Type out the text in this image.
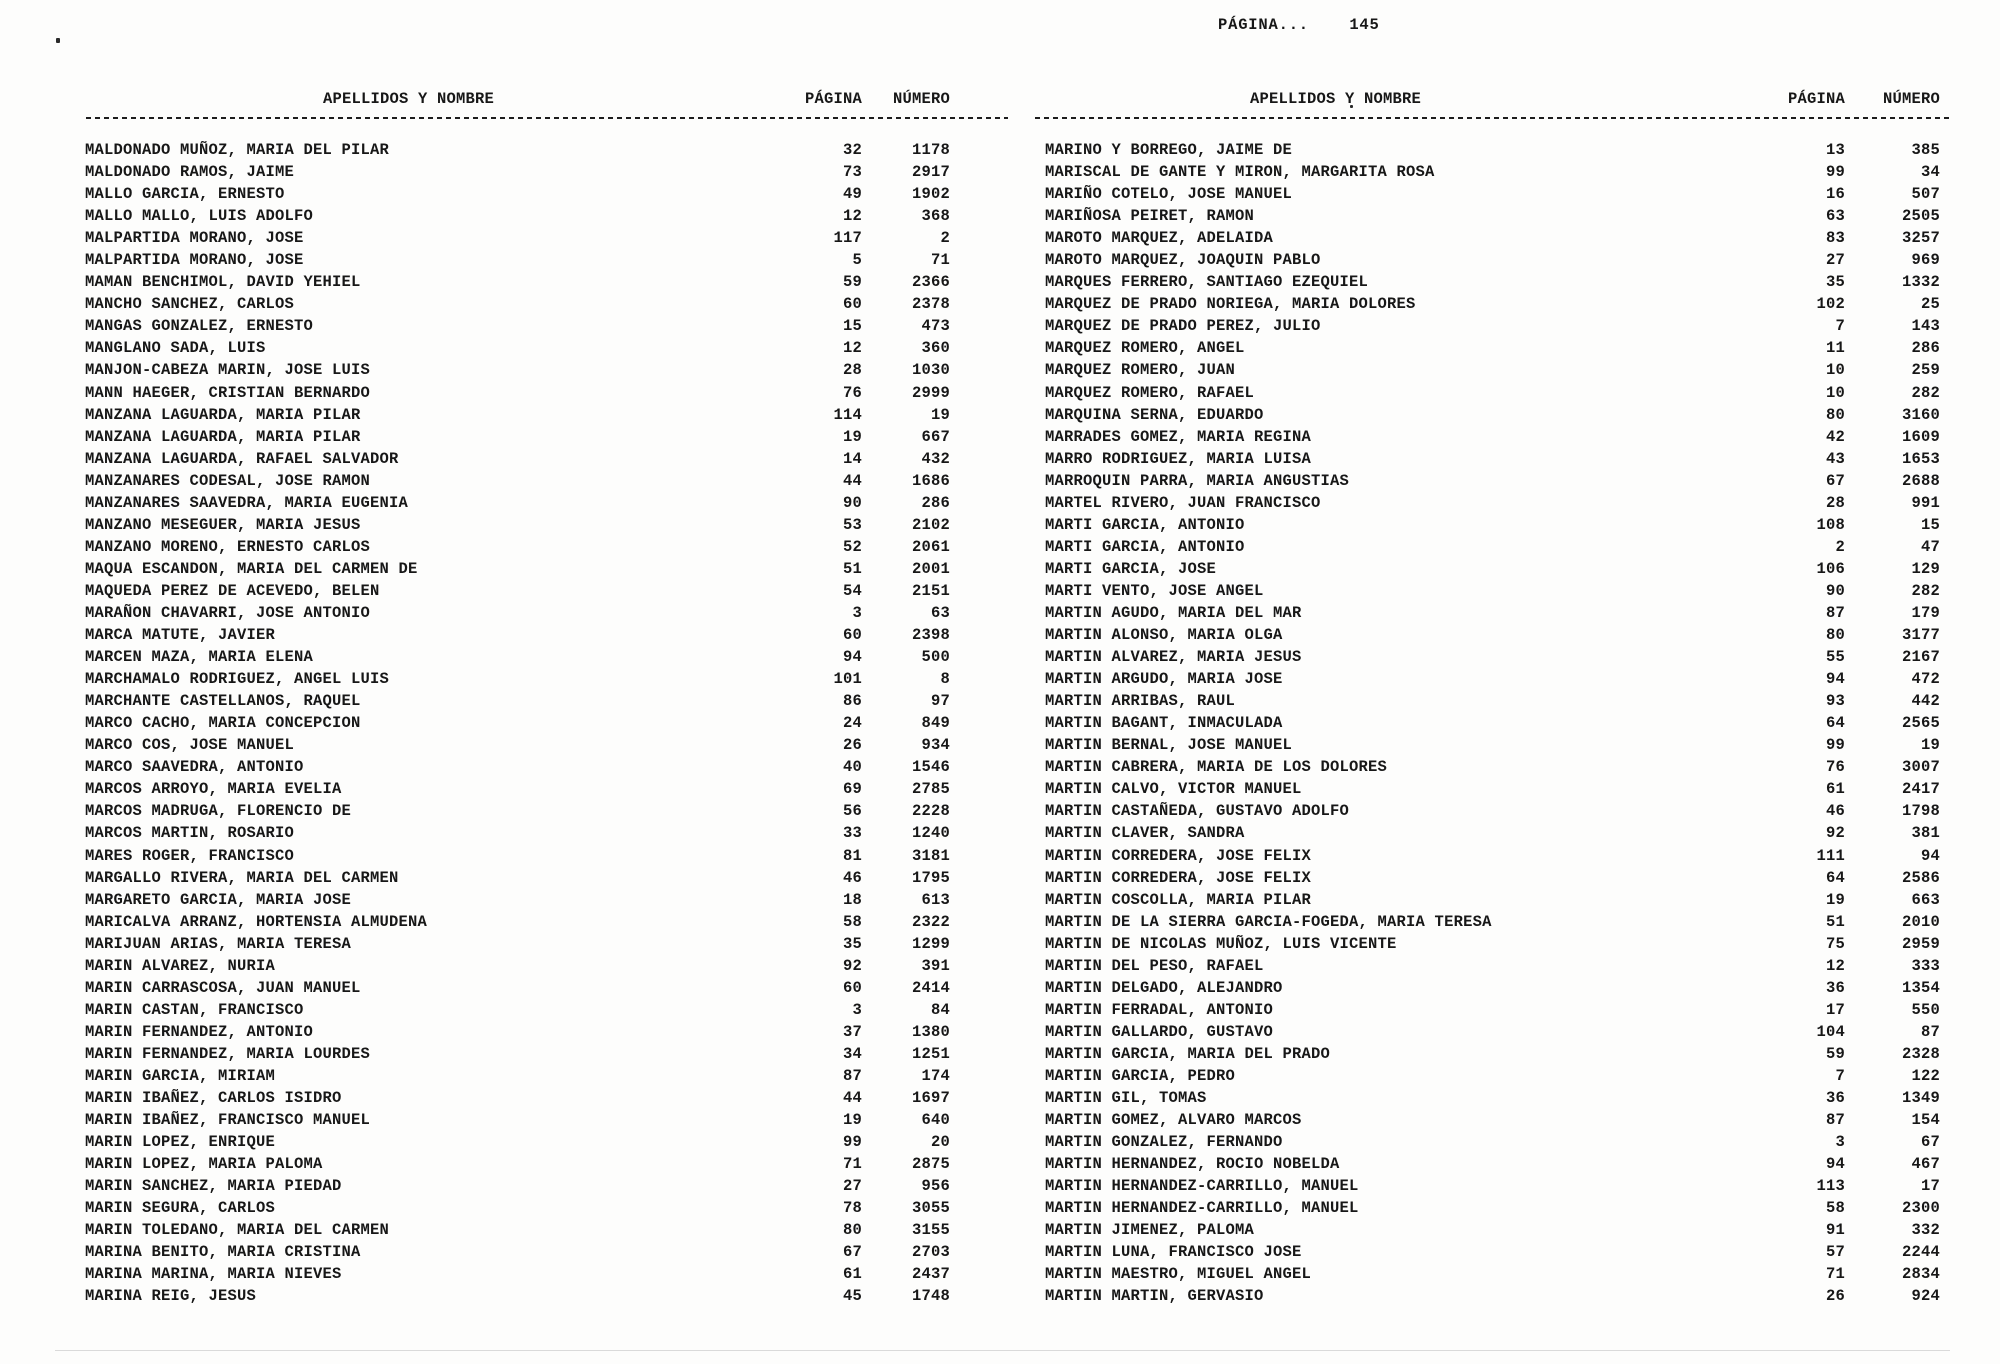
PÁGINA...    145
APELLIDOS Y NOMBRE	PÁGINA	NÚMERO	APELLIDOS Y NOMBRE	PÁGINA	NÚMERO
MALDONADO MUÑOZ, MARIA DEL PILAR	32	1178
MALDONADO RAMOS, JAIME	73	2917
MALLO GARCIA, ERNESTO	49	1902
MALLO MALLO, LUIS ADOLFO	12	368
MALPARTIDA MORANO, JOSE	117	2
MALPARTIDA MORANO, JOSE	5	71
MAMAN BENCHIMOL, DAVID YEHIEL	59	2366
MANCHO SANCHEZ, CARLOS	60	2378
MANGAS GONZALEZ, ERNESTO	15	473
MANGLANO SADA, LUIS	12	360
MANJON-CABEZA MARIN, JOSE LUIS	28	1030
MANN HAEGER, CRISTIAN BERNARDO	76	2999
MANZANA LAGUARDA, MARIA PILAR	114	19
MANZANA LAGUARDA, MARIA PILAR	19	667
MANZANA LAGUARDA, RAFAEL SALVADOR	14	432
MANZANARES CODESAL, JOSE RAMON	44	1686
MANZANARES SAAVEDRA, MARIA EUGENIA	90	286
MANZANO MESEGUER, MARIA JESUS	53	2102
MANZANO MORENO, ERNESTO CARLOS	52	2061
MAQUA ESCANDON, MARIA DEL CARMEN DE	51	2001
MAQUEDA PEREZ DE ACEVEDO, BELEN	54	2151
MARAÑON CHAVARRI, JOSE ANTONIO	3	63
MARCA MATUTE, JAVIER	60	2398
MARCEN MAZA, MARIA ELENA	94	500
MARCHAMALO RODRIGUEZ, ANGEL LUIS	101	8
MARCHANTE CASTELLANOS, RAQUEL	86	97
MARCO CACHO, MARIA CONCEPCION	24	849
MARCO COS, JOSE MANUEL	26	934
MARCO SAAVEDRA, ANTONIO	40	1546
MARCOS ARROYO, MARIA EVELIA	69	2785
MARCOS MADRUGA, FLORENCIO DE	56	2228
MARCOS MARTIN, ROSARIO	33	1240
MARES ROGER, FRANCISCO	81	3181
MARGALLO RIVERA, MARIA DEL CARMEN	46	1795
MARGARETO GARCIA, MARIA JOSE	18	613
MARICALVA ARRANZ, HORTENSIA ALMUDENA	58	2322
MARIJUAN ARIAS, MARIA TERESA	35	1299
MARIN ALVAREZ, NURIA	92	391
MARIN CARRASCOSA, JUAN MANUEL	60	2414
MARIN CASTAN, FRANCISCO	3	84
MARIN FERNANDEZ, ANTONIO	37	1380
MARIN FERNANDEZ, MARIA LOURDES	34	1251
MARIN GARCIA, MIRIAM	87	174
MARIN IBAÑEZ, CARLOS ISIDRO	44	1697
MARIN IBAÑEZ, FRANCISCO MANUEL	19	640
MARIN LOPEZ, ENRIQUE	99	20
MARIN LOPEZ, MARIA PALOMA	71	2875
MARIN SANCHEZ, MARIA PIEDAD	27	956
MARIN SEGURA, CARLOS	78	3055
MARIN TOLEDANO, MARIA DEL CARMEN	80	3155
MARINA BENITO, MARIA CRISTINA	67	2703
MARINA MARINA, MARIA NIEVES	61	2437
MARINA REIG, JESUS	45	1748
MARINO Y BORREGO, JAIME DE	13	385
MARISCAL DE GANTE Y MIRON, MARGARITA ROSA	99	34
MARIÑO COTELO, JOSE MANUEL	16	507
MARIÑOSA PEIRET, RAMON	63	2505
MAROTO MARQUEZ, ADELAIDA	83	3257
MAROTO MARQUEZ, JOAQUIN PABLO	27	969
MARQUES FERRERO, SANTIAGO EZEQUIEL	35	1332
MARQUEZ DE PRADO NORIEGA, MARIA DOLORES	102	25
MARQUEZ DE PRADO PEREZ, JULIO	7	143
MARQUEZ ROMERO, ANGEL	11	286
MARQUEZ ROMERO, JUAN	10	259
MARQUEZ ROMERO, RAFAEL	10	282
MARQUINA SERNA, EDUARDO	80	3160
MARRADES GOMEZ, MARIA REGINA	42	1609
MARRO RODRIGUEZ, MARIA LUISA	43	1653
MARROQUIN PARRA, MARIA ANGUSTIAS	67	2688
MARTEL RIVERO, JUAN FRANCISCO	28	991
MARTI GARCIA, ANTONIO	108	15
MARTI GARCIA, ANTONIO	2	47
MARTI GARCIA, JOSE	106	129
MARTI VENTO, JOSE ANGEL	90	282
MARTIN AGUDO, MARIA DEL MAR	87	179
MARTIN ALONSO, MARIA OLGA	80	3177
MARTIN ALVAREZ, MARIA JESUS	55	2167
MARTIN ARGUDO, MARIA JOSE	94	472
MARTIN ARRIBAS, RAUL	93	442
MARTIN BAGANT, INMACULADA	64	2565
MARTIN BERNAL, JOSE MANUEL	99	19
MARTIN CABRERA, MARIA DE LOS DOLORES	76	3007
MARTIN CALVO, VICTOR MANUEL	61	2417
MARTIN CASTAÑEDA, GUSTAVO ADOLFO	46	1798
MARTIN CLAVER, SANDRA	92	381
MARTIN CORREDERA, JOSE FELIX	111	94
MARTIN CORREDERA, JOSE FELIX	64	2586
MARTIN COSCOLLA, MARIA PILAR	19	663
MARTIN DE LA SIERRA GARCIA-FOGEDA, MARIA TERESA	51	2010
MARTIN DE NICOLAS MUÑOZ, LUIS VICENTE	75	2959
MARTIN DEL PESO, RAFAEL	12	333
MARTIN DELGADO, ALEJANDRO	36	1354
MARTIN FERRADAL, ANTONIO	17	550
MARTIN GALLARDO, GUSTAVO	104	87
MARTIN GARCIA, MARIA DEL PRADO	59	2328
MARTIN GARCIA, PEDRO	7	122
MARTIN GIL, TOMAS	36	1349
MARTIN GOMEZ, ALVARO MARCOS	87	154
MARTIN GONZALEZ, FERNANDO	3	67
MARTIN HERNANDEZ, ROCIO NOBELDA	94	467
MARTIN HERNANDEZ-CARRILLO, MANUEL	113	17
MARTIN HERNANDEZ-CARRILLO, MANUEL	58	2300
MARTIN JIMENEZ, PALOMA	91	332
MARTIN LUNA, FRANCISCO JOSE	57	2244
MARTIN MAESTRO, MIGUEL ANGEL	71	2834
MARTIN MARTIN, GERVASIO	26	924
